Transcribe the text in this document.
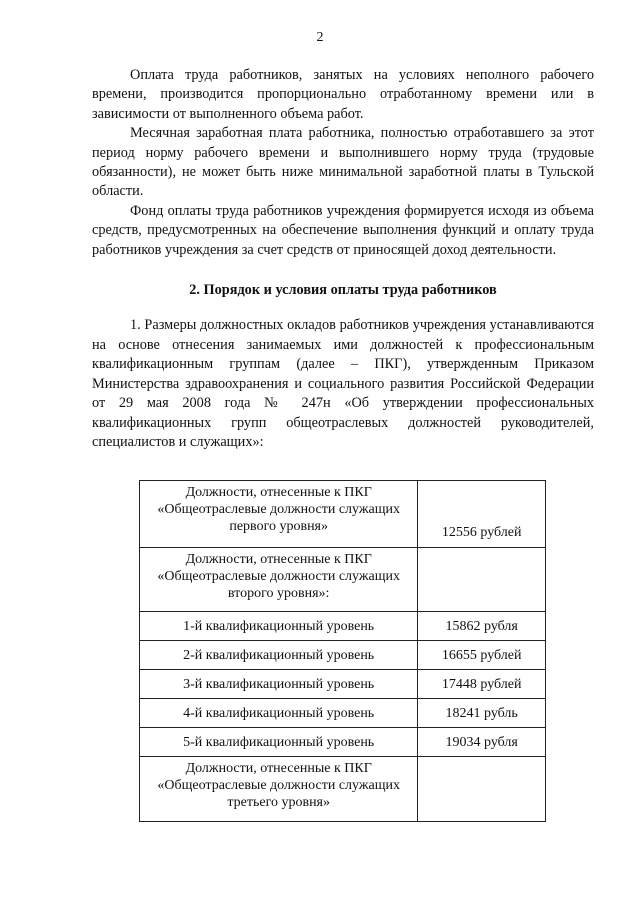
2

Оплата труда работников, занятых на условиях неполного рабочего времени, производится пропорционально отработанному времени или в зависимости от выполненного объема работ.

Месячная заработная плата работника, полностью отработавшего за этот период норму рабочего времени и выполнившего норму труда (трудовые обязанности), не может быть ниже минимальной заработной платы в Тульской области.

Фонд оплаты труда работников учреждения формируется исходя из объема средств, предусмотренных на обеспечение выполнения функций и оплату труда работников учреждения за счет средств от приносящей доход деятельности.

2. Порядок и условия оплаты труда работников

1. Размеры должностных окладов работников учреждения устанавливаются на основе отнесения занимаемых ими должностей к профессиональным квалификационным группам (далее – ПКГ), утвержденным Приказом Министерства здравоохранения и социального развития Российской Федерации от 29 мая 2008 года № 247н «Об утверждении профессиональных квалификационных групп общеотраслевых должностей руководителей, специалистов и служащих»:

Должности, отнесенные к ПКГ «Общеотраслевые должности служащих первого уровня»	12556 рублей
Должности, отнесенные к ПКГ «Общеотраслевые должности служащих второго уровня»:	
1-й квалификационный уровень	15862 рубля
2-й квалификационный уровень	16655 рублей
3-й квалификационный уровень	17448 рублей
4-й квалификационный уровень	18241 рубль
5-й квалификационный уровень	19034 рубля
Должности, отнесенные к ПКГ «Общеотраслевые должности служащих третьего уровня»	
